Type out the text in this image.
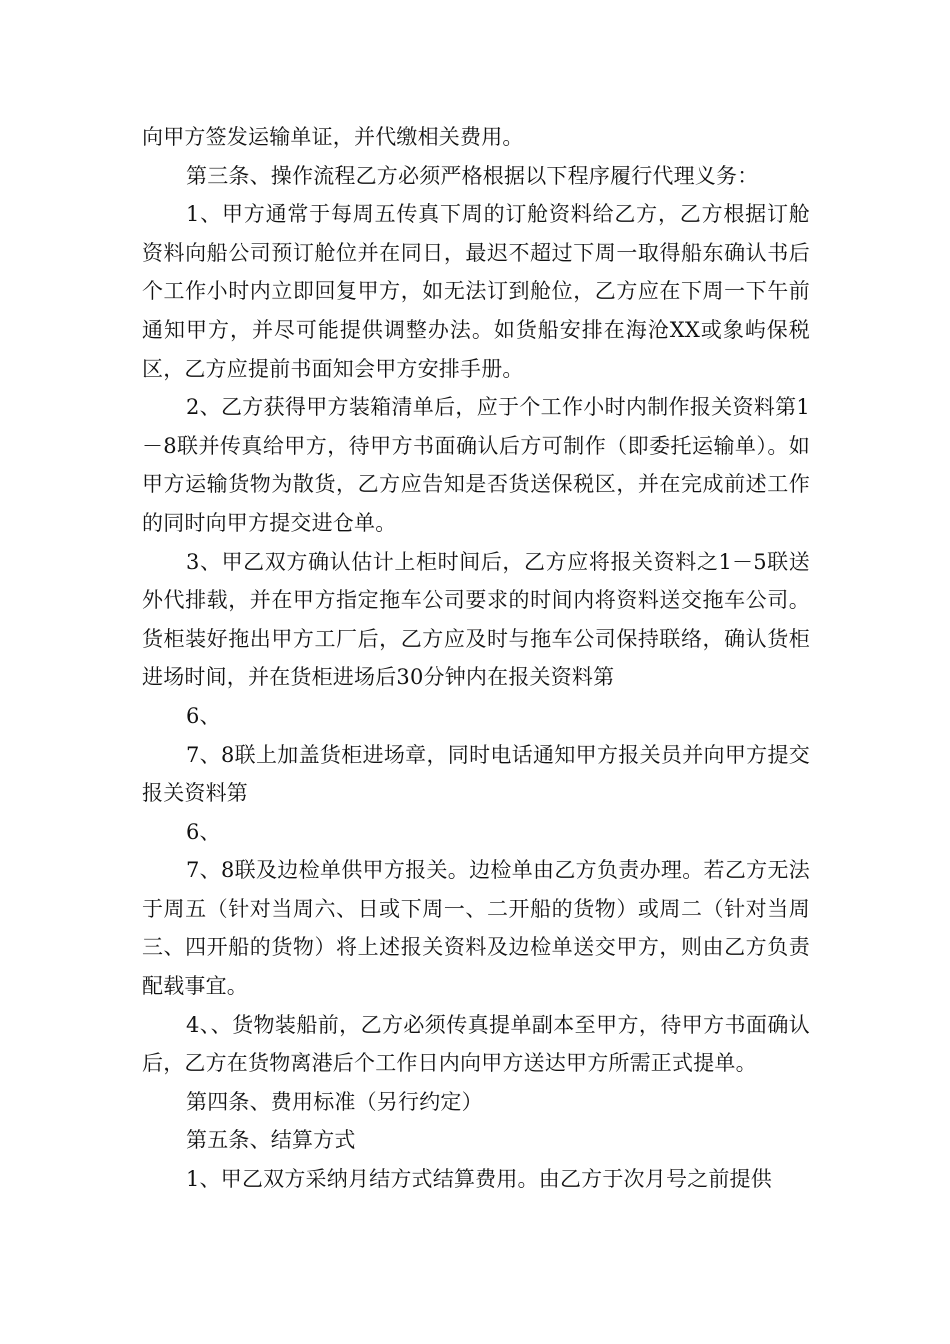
向甲方签发运输单证，并代缴相关费用。

第三条、操作流程乙方必须严格根据以下程序履行代理义务：

1、甲方通常于每周五传真下周的订舱资料给乙方，乙方根据订舱资料向船公司预订舱位并在同日，最迟不超过下周一取得船东确认书后个工作小时内立即回复甲方，如无法订到舱位，乙方应在下周一下午前通知甲方，并尽可能提供调整办法。如货船安排在海沧XX或象屿保税区，乙方应提前书面知会甲方安排手册。

2、乙方获得甲方装箱清单后，应于个工作小时内制作报关资料第1－8联并传真给甲方，待甲方书面确认后方可制作（即委托运输单）。如甲方运输货物为散货，乙方应告知是否货送保税区，并在完成前述工作的同时向甲方提交进仓单。

3、甲乙双方确认估计上柜时间后，乙方应将报关资料之1－5联送外代排载，并在甲方指定拖车公司要求的时间内将资料送交拖车公司。货柜装好拖出甲方工厂后，乙方应及时与拖车公司保持联络，确认货柜进场时间，并在货柜进场后30分钟内在报关资料第

6、

7、8联上加盖货柜进场章，同时电话通知甲方报关员并向甲方提交报关资料第

6、

7、8联及边检单供甲方报关。边检单由乙方负责办理。若乙方无法于周五（针对当周六、日或下周一、二开船的货物）或周二（针对当周三、四开船的货物）将上述报关资料及边检单送交甲方，则由乙方负责配载事宜。

4、、货物装船前，乙方必须传真提单副本至甲方，待甲方书面确认后，乙方在货物离港后个工作日内向甲方送达甲方所需正式提单。

第四条、费用标准（另行约定）

第五条、结算方式

1、甲乙双方采纳月结方式结算费用。由乙方于次月号之前提供
